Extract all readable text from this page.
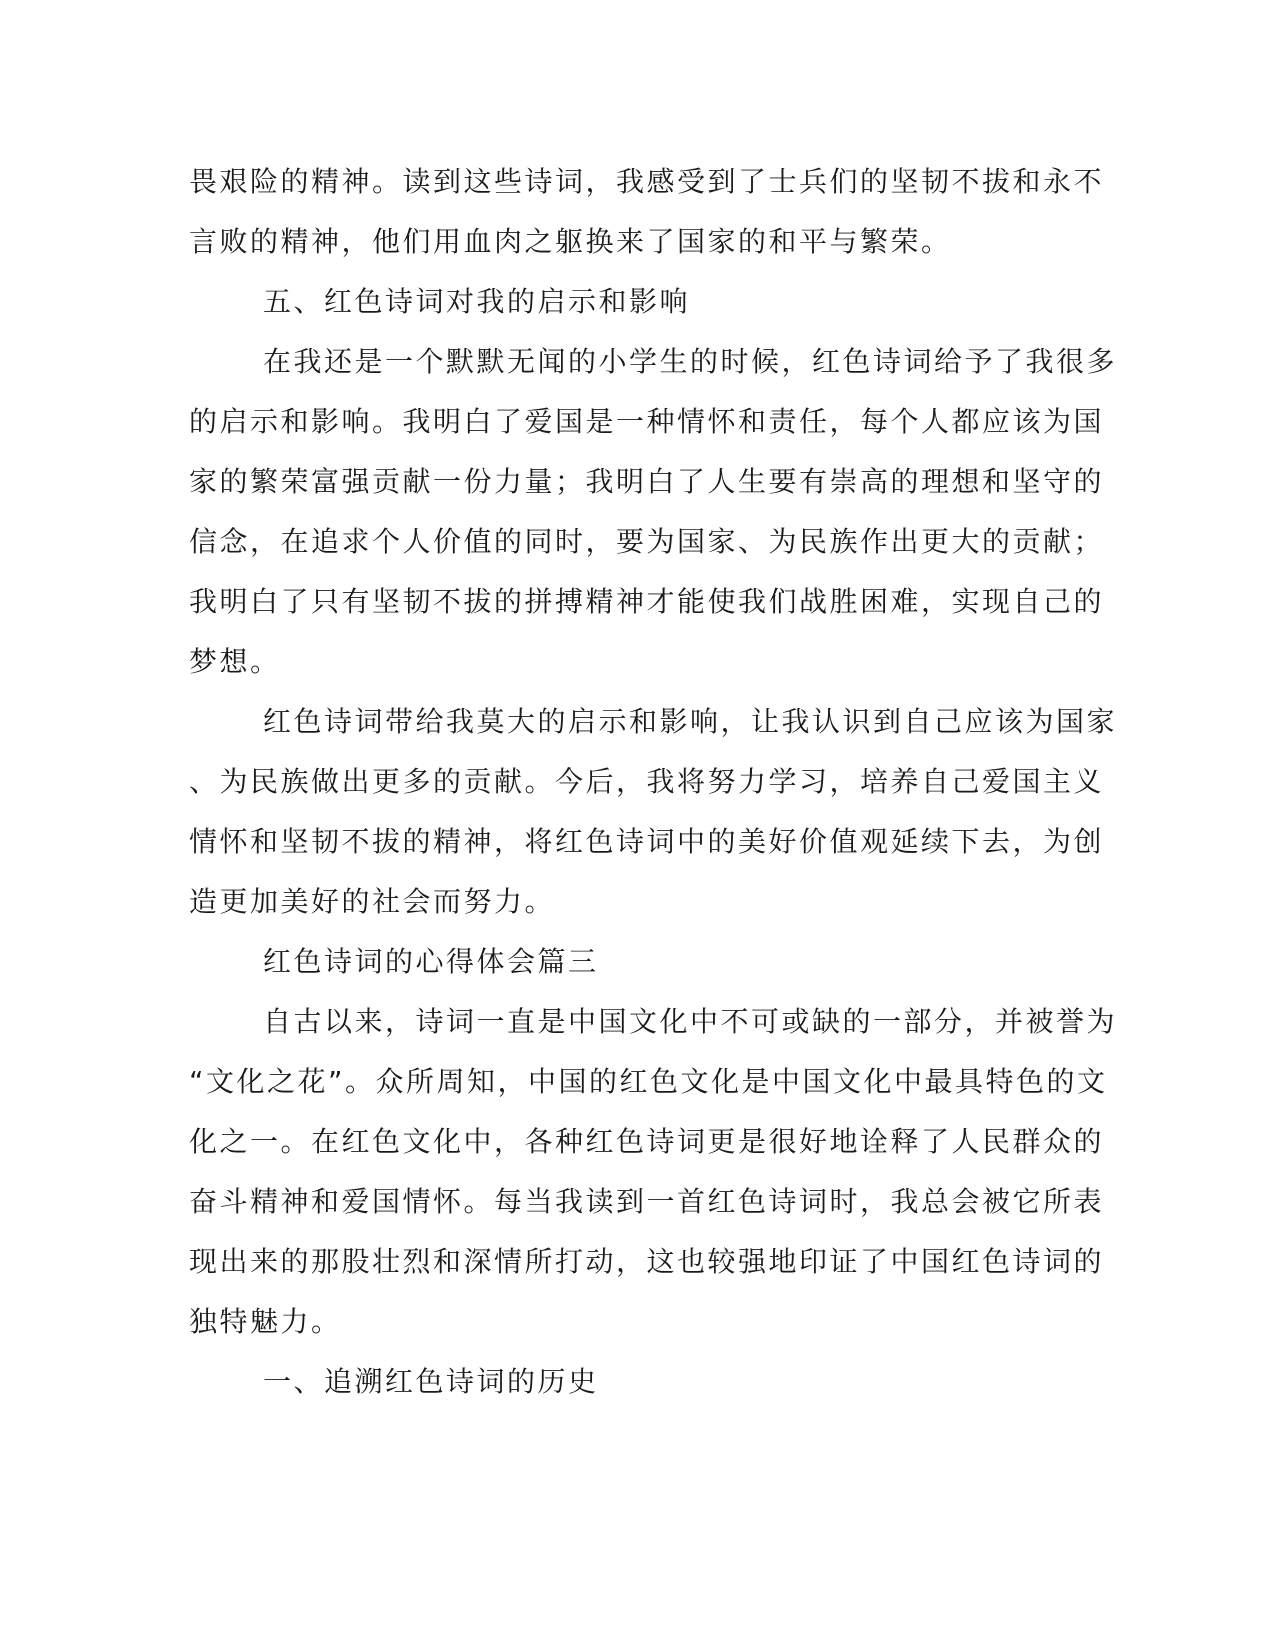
畏艰险的精神。读到这些诗词，我感受到了士兵们的坚韧不拔和永不
言败的精神，他们用血肉之躯换来了国家的和平与繁荣。
五、红色诗词对我的启示和影响
在我还是一个默默无闻的小学生的时候，红色诗词给予了我很多
的启示和影响。我明白了爱国是一种情怀和责任，每个人都应该为国
家的繁荣富强贡献一份力量；我明白了人生要有崇高的理想和坚守的
信念，在追求个人价值的同时，要为国家、为民族作出更大的贡献；
我明白了只有坚韧不拔的拼搏精神才能使我们战胜困难，实现自己的
梦想。
红色诗词带给我莫大的启示和影响，让我认识到自己应该为国家
、为民族做出更多的贡献。今后，我将努力学习，培养自己爱国主义
情怀和坚韧不拔的精神，将红色诗词中的美好价值观延续下去，为创
造更加美好的社会而努力。
红色诗词的心得体会篇三
自古以来，诗词一直是中国文化中不可或缺的一部分，并被誉为
“文化之花”。众所周知，中国的红色文化是中国文化中最具特色的文
化之一。在红色文化中，各种红色诗词更是很好地诠释了人民群众的
奋斗精神和爱国情怀。每当我读到一首红色诗词时，我总会被它所表
现出来的那股壮烈和深情所打动，这也较强地印证了中国红色诗词的
独特魅力。
一、追溯红色诗词的历史
